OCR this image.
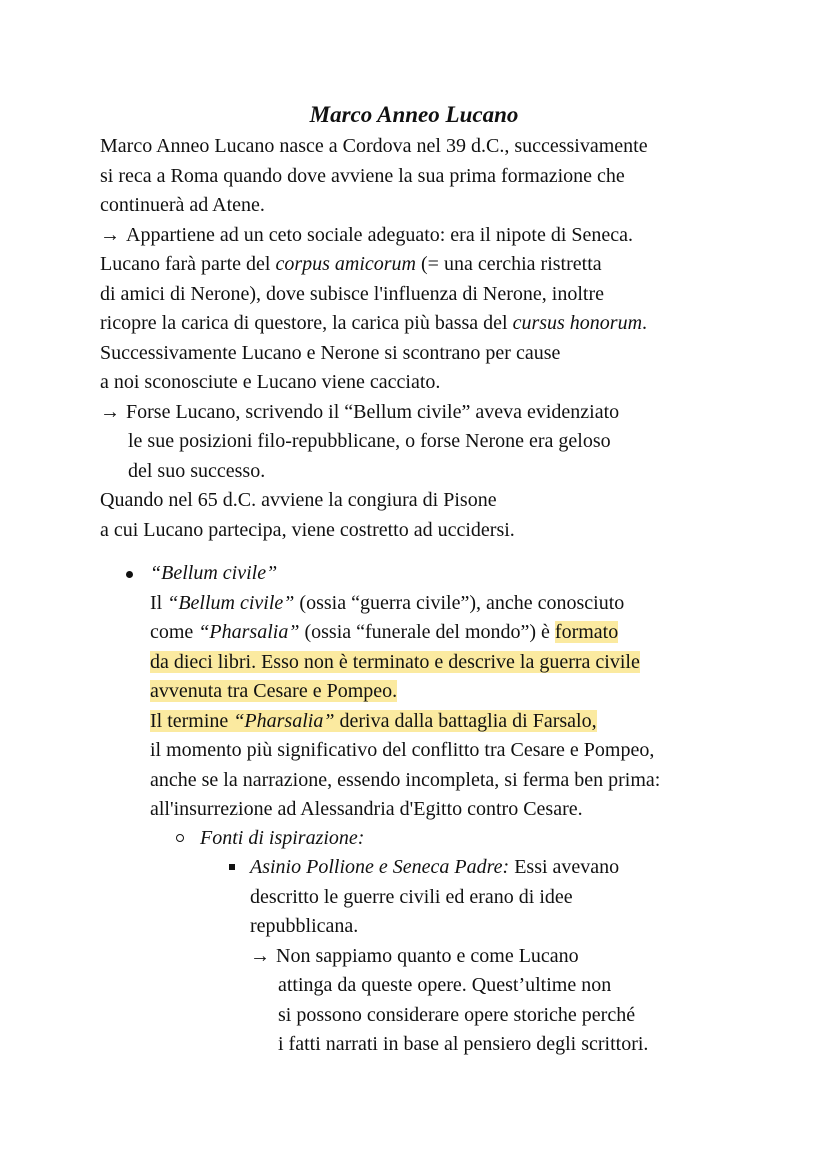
Marco Anneo Lucano
Marco Anneo Lucano nasce a Cordova nel 39 d.C., successivamente
si reca a Roma quando dove avviene la sua prima formazione che
continuerà ad Atene.
→ Appartiene ad un ceto sociale adeguato: era il nipote di Seneca.
Lucano farà parte del corpus amicorum (= una cerchia ristretta
di amici di Nerone), dove subisce l'influenza di Nerone, inoltre
ricopre la carica di questore, la carica più bassa del cursus honorum.
Successivamente Lucano e Nerone si scontrano per cause
a noi sconosciute e Lucano viene cacciato.
→ Forse Lucano, scrivendo il “Bellum civile” aveva evidenziato
le sue posizioni filo-repubblicane, o forse Nerone era geloso
del suo successo.
Quando nel 65 d.C. avviene la congiura di Pisone
a cui Lucano partecipa, viene costretto ad uccidersi.
“Bellum civile”
Il “Bellum civile” (ossia “guerra civile”), anche conosciuto
come “Pharsalia” (ossia “funerale del mondo”) è formato
da dieci libri. Esso non è terminato e descrive la guerra civile
avvenuta tra Cesare e Pompeo.
Il termine “Pharsalia” deriva dalla battaglia di Farsalo,
il momento più significativo del conflitto tra Cesare e Pompeo,
anche se la narrazione, essendo incompleta, si ferma ben prima:
all'insurrezione ad Alessandria d'Egitto contro Cesare.
Fonti di ispirazione:
Asinio Pollione e Seneca Padre: Essi avevano
descritto le guerre civili ed erano di idee
repubblicana.
→ Non sappiamo quanto e come Lucano
attinga da queste opere. Quest’ultime non
si possono considerare opere storiche perché
i fatti narrati in base al pensiero degli scrittori.
